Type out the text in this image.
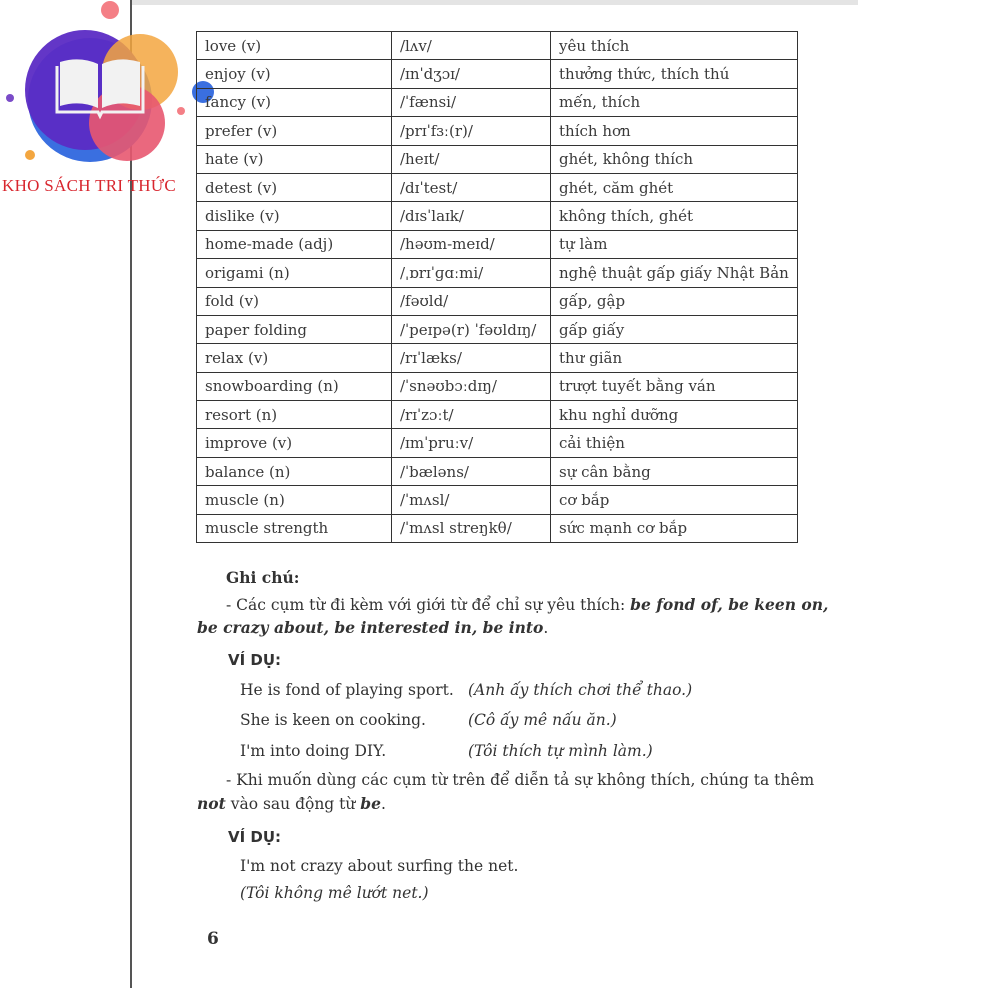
KHO SÁCH TRI THỨC
love (v)	/lʌv/	yêu thích
enjoy (v)	/ɪnˈdʒɔɪ/	thưởng thức, thích thú
fancy (v)	/ˈfænsi/	mến, thích
prefer (v)	/prɪˈfɜː(r)/	thích hơn
hate (v)	/heɪt/	ghét, không thích
detest (v)	/dɪˈtest/	ghét, căm ghét
dislike (v)	/dɪsˈlaɪk/	không thích, ghét
home-made (adj)	/həʊm-meɪd/	tự làm
origami (n)	/ˌɒrɪˈɡɑːmi/	nghệ thuật gấp giấy Nhật Bản
fold (v)	/fəʊld/	gấp, gập
paper folding	/ˈpeɪpə(r) ˈfəʊldɪŋ/	gấp giấy
relax (v)	/rɪˈlæks/	thư giãn
snowboarding (n)	/ˈsnəʊbɔːdɪŋ/	trượt tuyết bằng ván
resort (n)	/rɪˈzɔːt/	khu nghỉ dưỡng
improve (v)	/ɪmˈpruːv/	cải thiện
balance (n)	/ˈbæləns/	sự cân bằng
muscle (n)	/ˈmʌsl/	cơ bắp
muscle strength	/ˈmʌsl streŋkθ/	sức mạnh cơ bắp
Ghi chú:
- Các cụm từ đi kèm với giới từ để chỉ sự yêu thích: be fond of, be keen on,
be crazy about, be interested in, be into.
VÍ DỤ:
He is fond of playing sport. (Anh ấy thích chơi thể thao.)
She is keen on cooking.	(Cô ấy mê nấu ăn.)
I'm into doing DIY.	(Tôi thích tự mình làm.)
- Khi muốn dùng các cụm từ trên để diễn tả sự không thích, chúng ta thêm
not vào sau động từ be.
VÍ DỤ:
I'm not crazy about surfing the net.
(Tôi không mê lướt net.)
6
